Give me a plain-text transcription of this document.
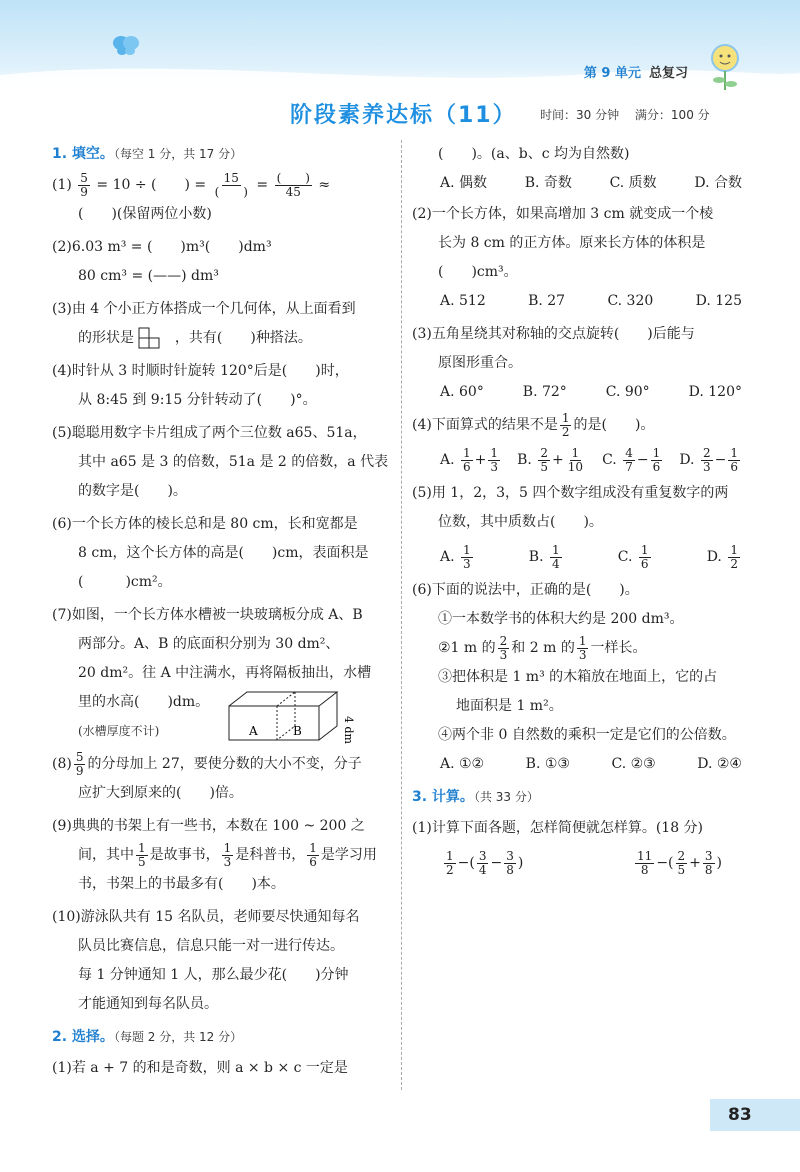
第 9 单元 总复习
阶段素养达标（11） 时间：30 分钟 满分：100 分
1. 填空。（每空 1 分，共 17 分）
$(1) \frac{5}{9} = 10$ ÷ (　　) = $\frac{15}{( )} = \frac{( )}{45}$ ≈
(　　)(保留两位小数)
(2)6.03 m³ = (　　)m³(　　)dm³
80 cm³ = (——) dm³
(3)由 4 个小正方体搭成一个几何体，从上面看到
的形状是	，共有(　　)种搭法。
(4)时针从 3 时顺时针旋转 120°后是(　　)时，
从 8:45 到 9:15 分针转动了(　　)°。
(5)聪聪用数字卡片组成了两个三位数 a65、51a，
其中 a65 是 3 的倍数，51a 是 2 的倍数，a 代表
的数字是(　　)。
(6)一个长方体的棱长总和是 80 cm，长和宽都是
8 cm，这个长方体的高是(　　)cm，表面积是
(　　　)cm²。
(7)如图，一个长方体水槽被一块玻璃板分成 A、B
两部分。A、B 的底面积分别为 30 dm²、
20 dm²。往 A 中注满水，再将隔板抽出，水槽
里的水高(　　)dm。
(水槽厚度不计)	A	B	4 dm
$(8) \frac{5}{9}$ 的分母加上 27，要使分数的大小不变，分子
应扩大到原来的(　　)倍。
(9)典典的书架上有一些书，本数在 100 ~ 200 之
间，其中 $\frac{1}{5}$ 是故事书， $\frac{1}{3}$ 是科普书， $\frac{1}{6}$ 是学习用
书，书架上的书最多有(　　)本。
(10)游泳队共有 15 名队员，老师要尽快通知每名
队员比赛信息，信息只能一对一进行传达。
每 1 分钟通知 1 人，那么最少花(　　)分钟
才能通知到每名队员。
2. 选择。（每题 2 分，共 12 分）
(1)若 a + 7 的和是奇数，则 a × b × c 一定是
(　　)。(a、b、c 均为自然数)
A. 偶数	B. 奇数	C. 质数	D. 合数
(2)一个长方体，如果高增加 3 cm 就变成一个棱
长为 8 cm 的正方体。原来长方体的体积是
(　　)cm³。
A. 512	B. 27	C. 320	D. 125
(3)五角星绕其对称轴的交点旋转(　　)后能与
原图形重合。
A. 60°	B. 72°	C. 90°	D. 120°
(4)下面算式的结果不是 $\frac{1}{2}$ 的是(　　)。
A. $\frac{1}{6} + \frac{1}{3} B$. $\frac{2}{5} + \frac{1}{10} C$. $\frac{4}{7} - \frac{1}{6} D$. $\frac{2}{3} - \frac{1}{6}$
(5)用 1，2，3，5 四个数字组成没有重复数字的两
位数，其中质数占(　　)。
A. $\frac{1}{3}$	B. $\frac{1}{4}$	C. $\frac{1}{6}$	D. $\frac{1}{2}$
(6)下面的说法中，正确的是(　　)。
①一本数学书的体积大约是 200 dm³。
②1 m 的 $\frac{2}{3}$ 和 2 m 的 $\frac{1}{3}$ 一样长。
③把体积是 1 m³ 的木箱放在地面上，它的占
地面积是 1 m²。
④两个非 0 自然数的乘积一定是它们的公倍数。
A. ①②	B. ①③	C. ②③	D. ②④
3. 计算。（共 33 分）
(1)计算下面各题，怎样简便就怎样算。(18 分)
$\frac{1}{2}$ −( $\frac{3}{4} - \frac{3}{8}$ )	$\frac{11}{8}$ −( $\frac{2}{5} + \frac{3}{8}$ )
83
